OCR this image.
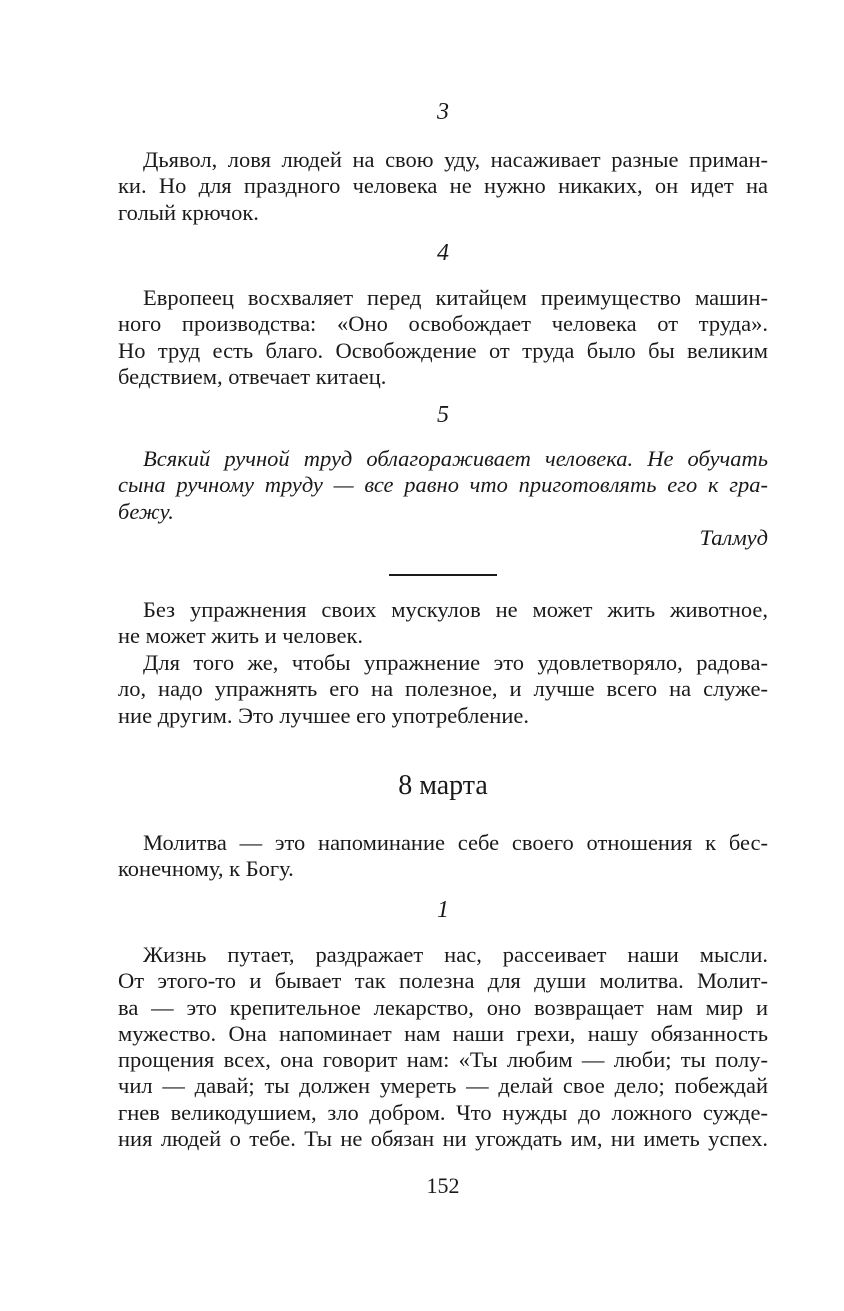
3
Дьявол, ловя людей на свою уду, насаживает разные приман-
ки. Но для праздного человека не нужно никаких, он идет на
голый крючок.
4
Европеец восхваляет перед китайцем преимущество машин-
ного производства: «Оно освобождает человека от труда».
Но труд есть благо. Освобождение от труда было бы великим
бедствием, отвечает китаец.
5
Всякий ручной труд облагораживает человека. Не обучать
сына ручному труду — все равно что приготовлять его к гра-
бежу.
Талмуд
Без упражнения своих мускулов не может жить животное,
не может жить и человек.
Для того же, чтобы упражнение это удовлетворяло, радова-
ло, надо упражнять его на полезное, и лучше всего на служе-
ние другим. Это лучшее его употребление.
8 марта
Молитва — это напоминание себе своего отношения к бес-
конечному, к Богу.
1
Жизнь путает, раздражает нас, рассеивает наши мысли.
От этого-то и бывает так полезна для души молитва. Молит-
ва — это крепительное лекарство, оно возвращает нам мир и
мужество. Она напоминает нам наши грехи, нашу обязанность
прощения всех, она говорит нам: «Ты любим — люби; ты полу-
чил — давай; ты должен умереть — делай свое дело; побеждай
гнев великодушием, зло добром. Что нужды до ложного сужде-
ния людей о тебе. Ты не обязан ни угождать им, ни иметь успех.
152
